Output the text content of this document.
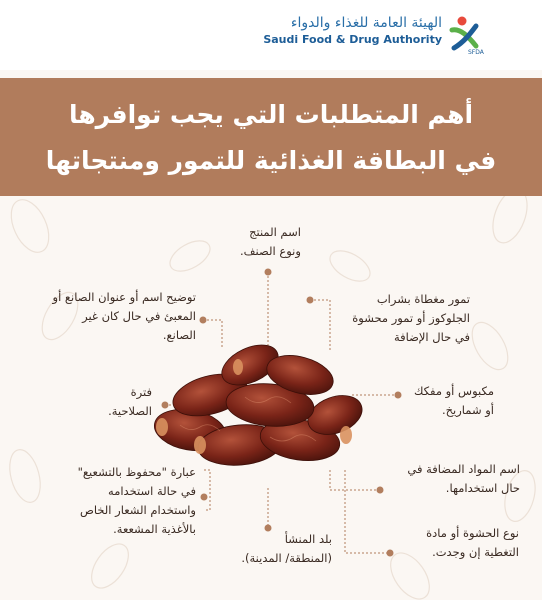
الهيئة العامة للغذاء والدواء
Saudi Food & Drug Authority
SFDA
أهم المتطلبات التي يجب توافرها
في البطاقة الغذائية للتمور ومنتجاتها
اسم المنتج
ونوع الصنف.
توضيح اسم أو عنوان الصانع أو
المعبئ في حال كان غير
الصانع.
تمور مغطاة بشراب
الجلوكوز أو تمور محشوة
في حال الإضافة
فترة
الصلاحية.
مكبوس أو مفكك
أو شماريخ.
عبارة "محفوظ بالتشعيع"
في حالة استخدامه
واستخدام الشعار الخاص
بالأغذية المشععة.
اسم المواد المضافة في
حال استخدامها.
بلد المنشأ
(المنطقة/ المدينة).
نوع الحشوة أو مادة
التغطية إن وجدت.
